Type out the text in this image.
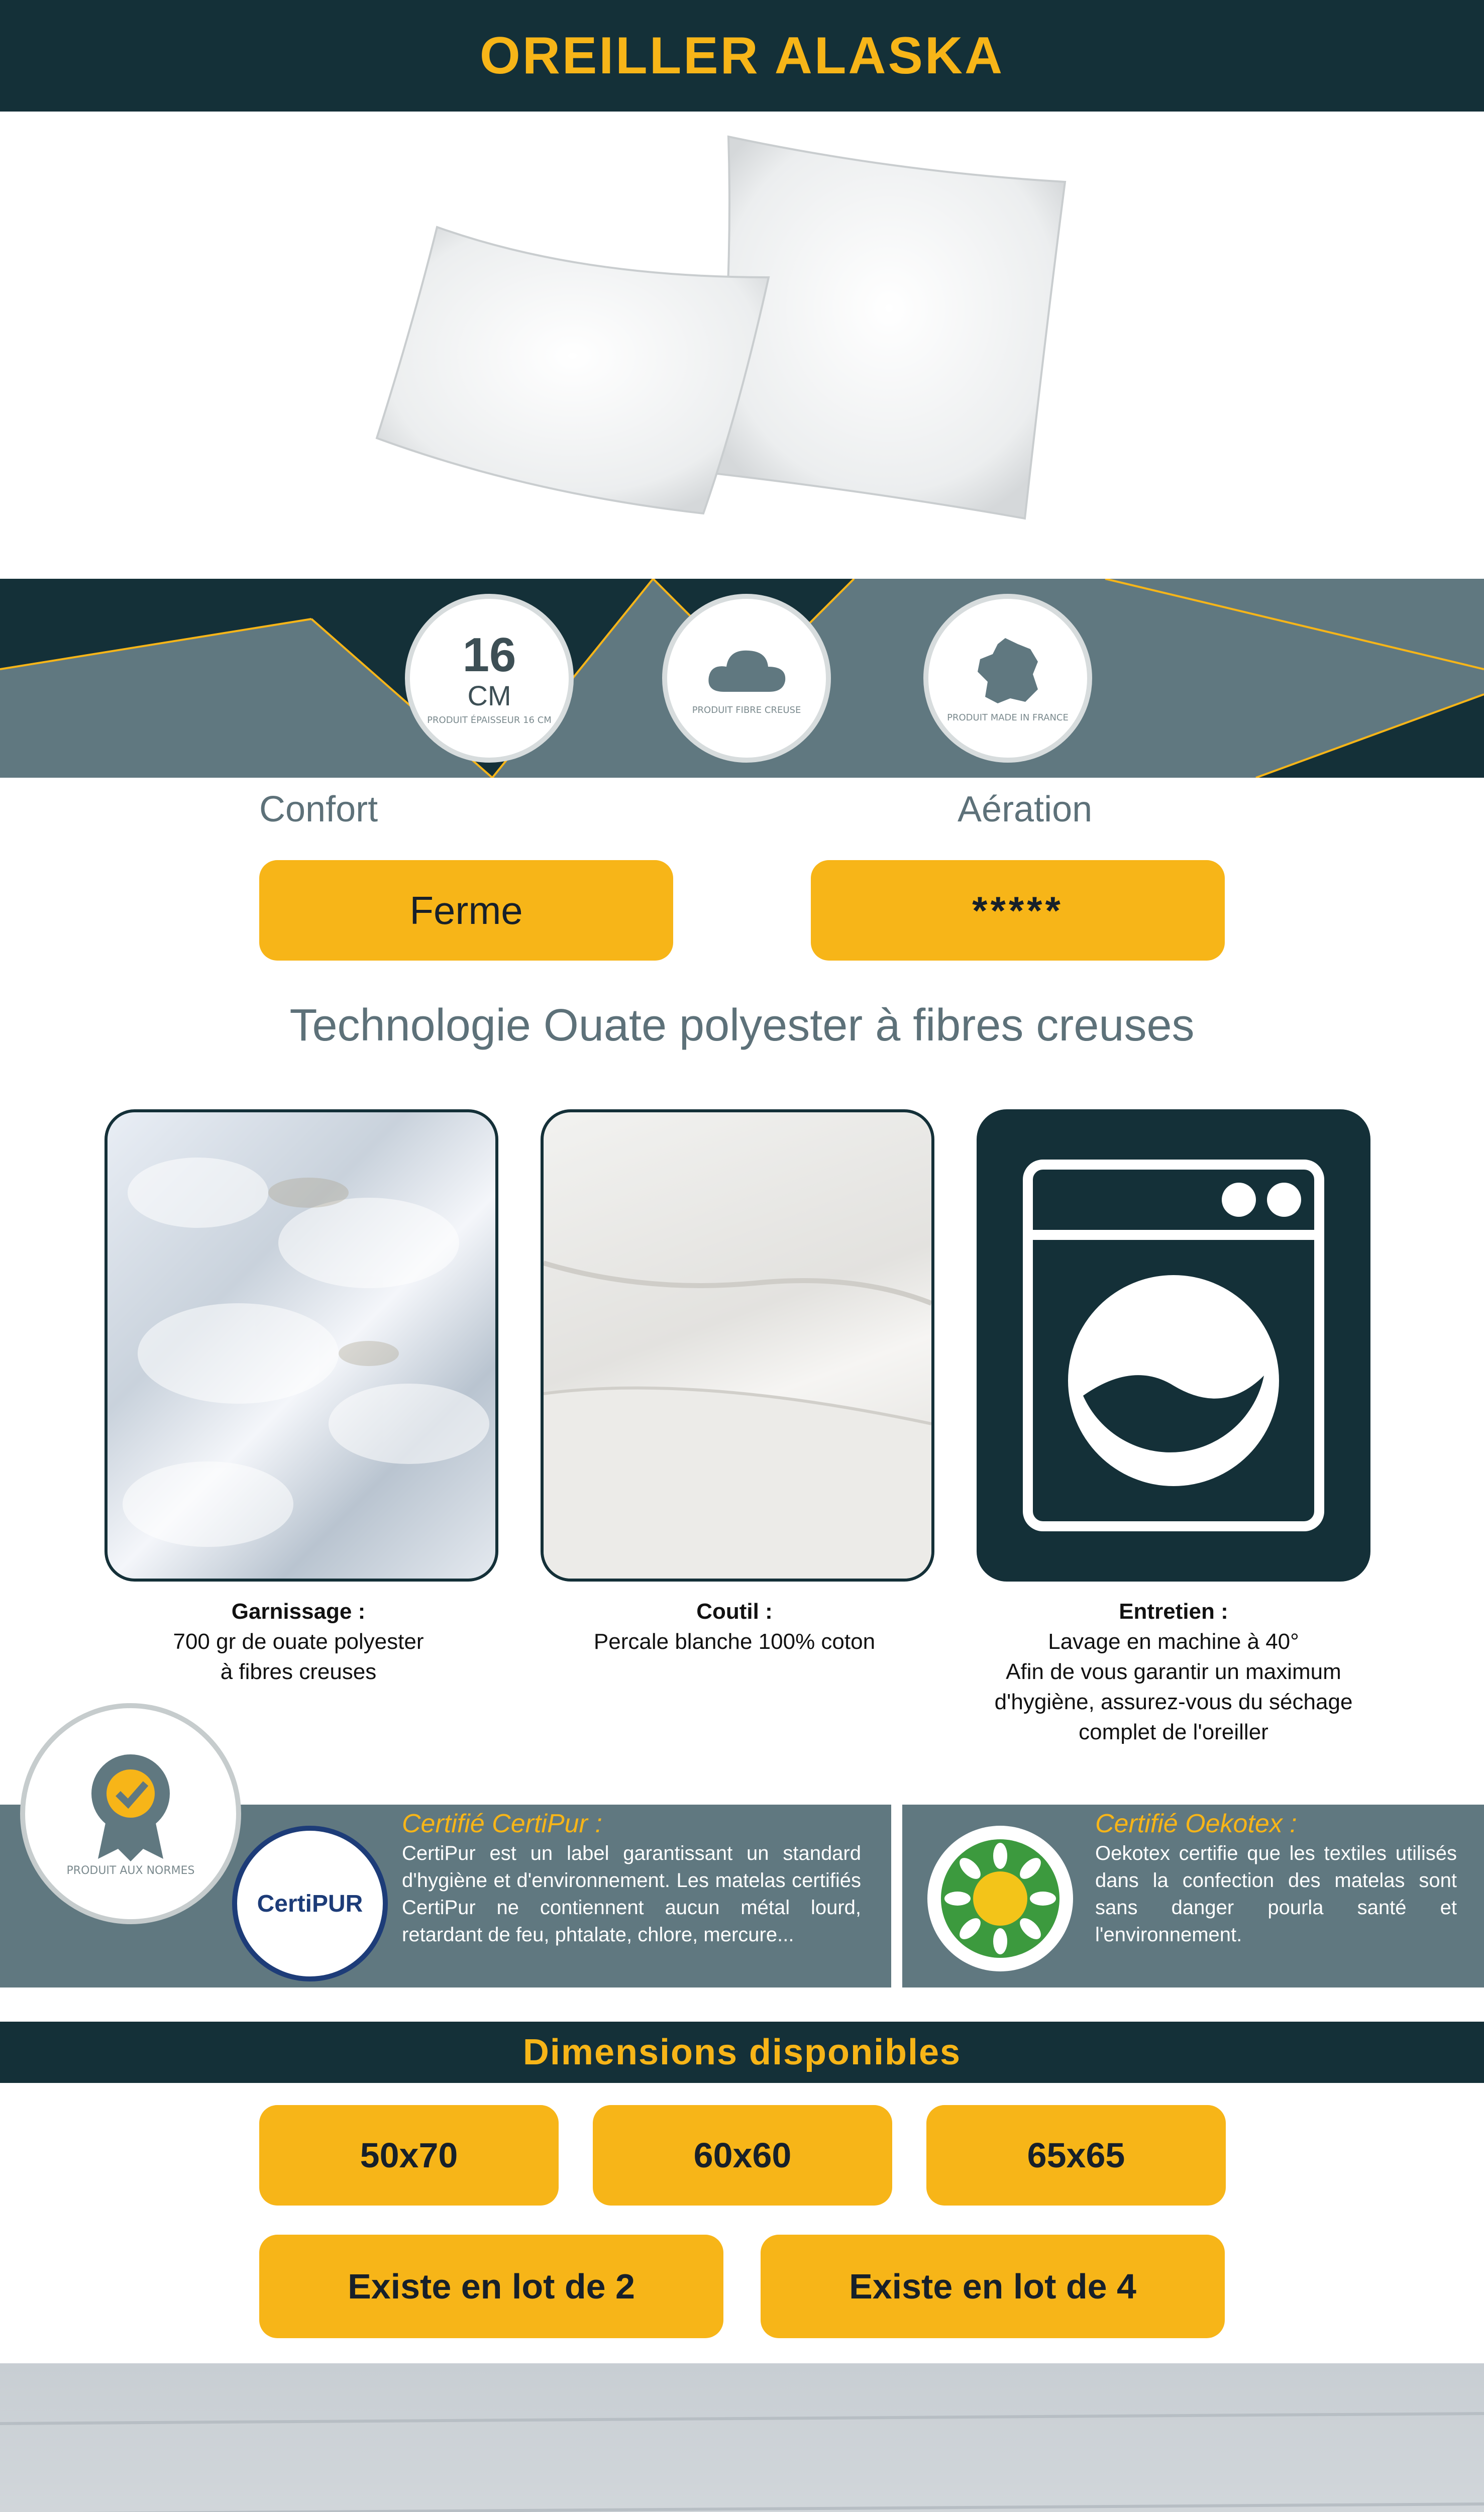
OREILLER ALASKA
16
CM
PRODUIT ÉPAISSEUR 16 CM
PRODUIT FIBRE CREUSE
PRODUIT MADE IN FRANCE
Confort	Aération
Ferme	*****
Technologie Ouate polyester à fibres creuses
Garnissage :
700 gr de ouate polyester
à fibres creuses
Coutil :
Percale blanche 100% coton
Entretien :
Lavage en machine à 40°
Afin de vous garantir un maximum
d'hygiène, assurez-vous du séchage
complet de l'oreiller
PRODUIT AUX NORMES
CertiPUR
Certifié CertiPur :
CertiPur est un label garantissant un standard d'hygiène et d'environnement. Les matelas certifiés CertiPur ne contiennent aucun métal lourd, retardant de feu, phtalate, chlore, mercure...
Certifié Oekotex :
Oekotex certifie que les textiles utilisés dans la confection des matelas sont sans danger pourla santé et l'environnement.
Dimensions disponibles
50x70	60x60	65x65
Existe en lot de 2	Existe en lot de 4
